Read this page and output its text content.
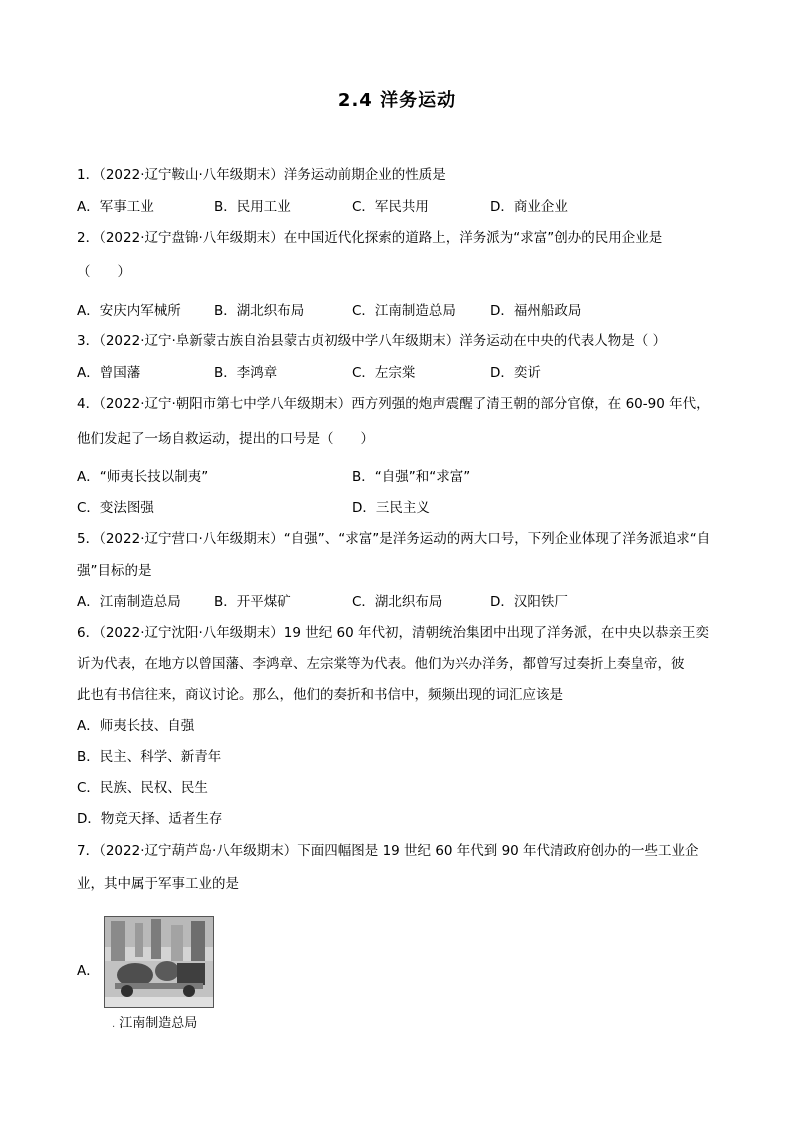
2.4 洋务运动
1．（2022·辽宁鞍山·八年级期末）洋务运动前期企业的性质是
A．军事工业	B．民用工业	C．军民共用	D．商业企业
2．（2022·辽宁盘锦·八年级期末）在中国近代化探索的道路上，洋务派为“求富”创办的民用企业是
（　　）
A．安庆内军械所 B．湖北织布局	C．江南制造总局	D．福州船政局
3．（2022·辽宁·阜新蒙古族自治县蒙古贞初级中学八年级期末）洋务运动在中央的代表人物是（ ）
A．曾国藩	B．李鸿章	C．左宗棠	D．奕䜣
4．（2022·辽宁·朝阳市第七中学八年级期末）西方列强的炮声震醒了清王朝的部分官僚，在 60-90 年代，
他们发起了一场自救运动，提出的口号是（　　）
A．“师夷长技以制夷”	B．“自强”和“求富”
C．变法图强	D．三民主义
5．（2022·辽宁营口·八年级期末）“自强”、“求富”是洋务运动的两大口号，下列企业体现了洋务派追求“自
强”目标的是
A．江南制造总局 B．开平煤矿	C．湖北织布局	D．汉阳铁厂
6．（2022·辽宁沈阳·八年级期末）19 世纪 60 年代初，清朝统治集团中出现了洋务派，在中央以恭亲王奕
䜣为代表，在地方以曾国藩、李鸿章、左宗棠等为代表。他们为兴办洋务，都曾写过奏折上奏皇帝，彼
此也有书信往来，商议讨论。那么，他们的奏折和书信中，频频出现的词汇应该是
A．师夷长技、自强
B．民主、科学、新青年
C．民族、民权、民生
D．物竞天择、适者生存
7．（2022·辽宁葫芦岛·八年级期末）下面四幅图是 19 世纪 60 年代到 90 年代清政府创办的一些工业企
业，其中属于军事工业的是
A．
. 江南制造总局
